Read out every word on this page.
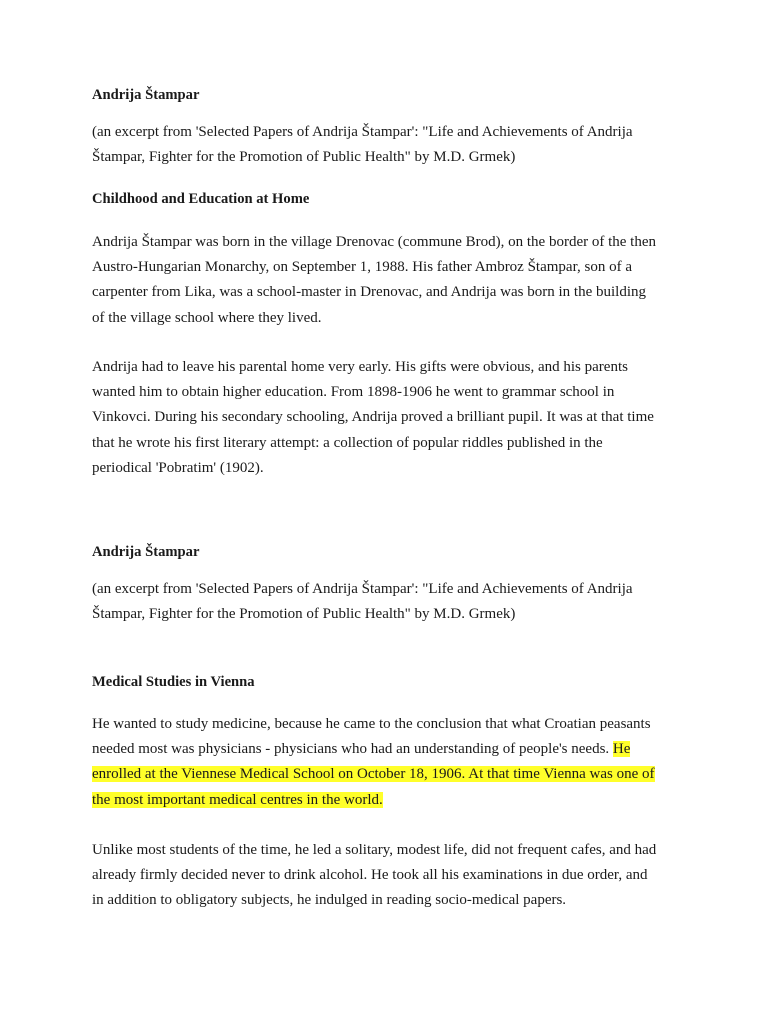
Andrija Štampar

(an excerpt from 'Selected Papers of Andrija Štampar': "Life and Achievements of Andrija
Štampar, Fighter for the Promotion of Public Health" by M.D. Grmek)

Childhood and Education at Home

Andrija Štampar was born in the village Drenovac (commune Brod), on the border of the then
Austro-Hungarian Monarchy, on September 1, 1988. His father Ambroz Štampar, son of a
carpenter from Lika, was a school-master in Drenovac, and Andrija was born in the building
of the village school where they lived.

Andrija had to leave his parental home very early. His gifts were obvious, and his parents
wanted him to obtain higher education. From 1898-1906 he went to grammar school in
Vinkovci. During his secondary schooling, Andrija proved a brilliant pupil. It was at that time
that he wrote his first literary attempt: a collection of popular riddles published in the
periodical 'Pobratim' (1902).

Andrija Štampar

(an excerpt from 'Selected Papers of Andrija Štampar': "Life and Achievements of Andrija
Štampar, Fighter for the Promotion of Public Health" by M.D. Grmek)

Medical Studies in Vienna

He wanted to study medicine, because he came to the conclusion that what Croatian peasants
needed most was physicians - physicians who had an understanding of people's needs. He
enrolled at the Viennese Medical School on October 18, 1906. At that time Vienna was one of
the most important medical centres in the world.

Unlike most students of the time, he led a solitary, modest life, did not frequent cafes, and had
already firmly decided never to drink alcohol. He took all his examinations in due order, and
in addition to obligatory subjects, he indulged in reading socio-medical papers.
